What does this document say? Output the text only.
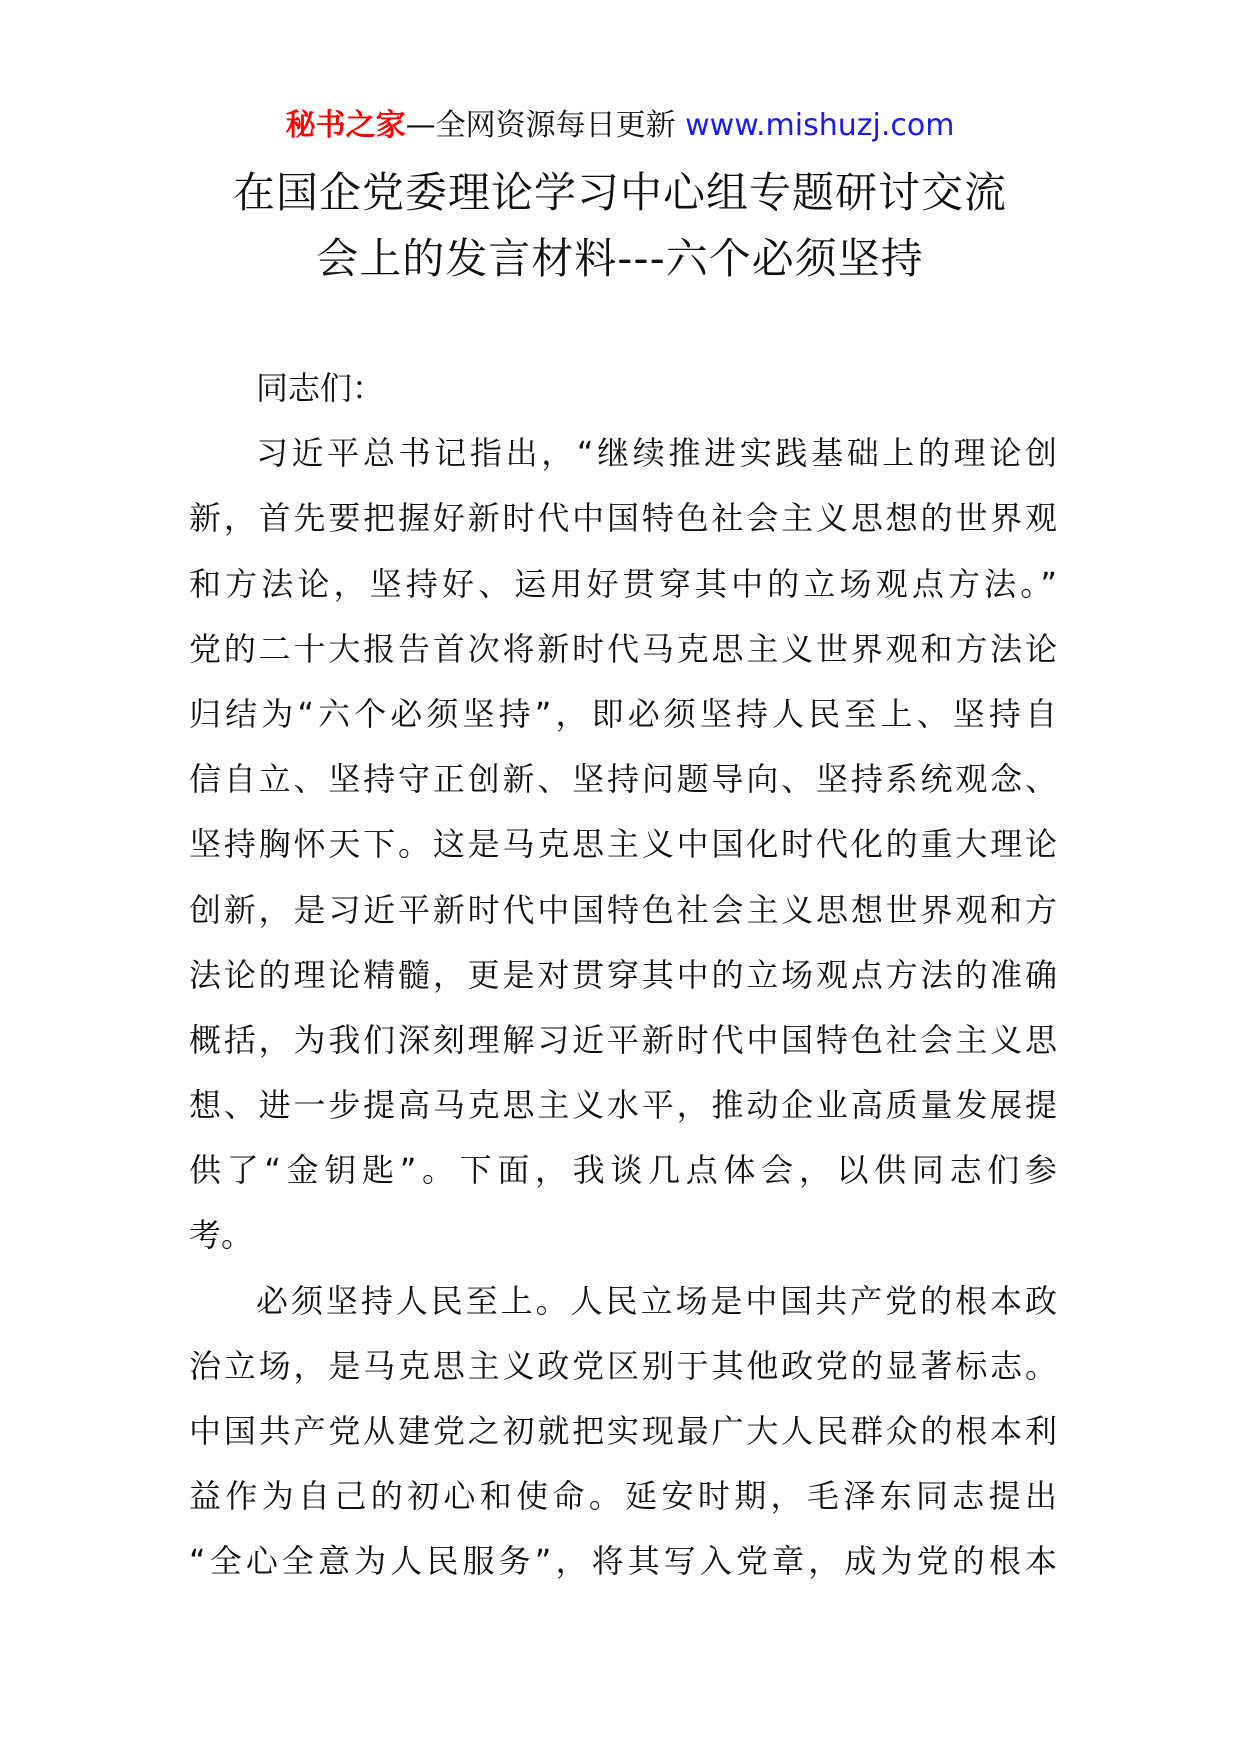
秘书之家—全网资源每日更新 www.mishuzj.com
在国企党委理论学习中心组专题研讨交流
会上的发言材料---六个必须坚持
同志们：
习近平总书记指出，“继续推进实践基础上的理论创
新，首先要把握好新时代中国特色社会主义思想的世界观
和方法论，坚持好、运用好贯穿其中的立场观点方法。”
党的二十大报告首次将新时代马克思主义世界观和方法论
归结为“六个必须坚持”，即必须坚持人民至上、坚持自
信自立、坚持守正创新、坚持问题导向、坚持系统观念、
坚持胸怀天下。这是马克思主义中国化时代化的重大理论
创新，是习近平新时代中国特色社会主义思想世界观和方
法论的理论精髓，更是对贯穿其中的立场观点方法的准确
概括，为我们深刻理解习近平新时代中国特色社会主义思
想、进一步提高马克思主义水平，推动企业高质量发展提
供了“金钥匙”。下面，我谈几点体会，以供同志们参
考。
必须坚持人民至上。人民立场是中国共产党的根本政
治立场，是马克思主义政党区别于其他政党的显著标志。
中国共产党从建党之初就把实现最广大人民群众的根本利
益作为自己的初心和使命。延安时期，毛泽东同志提出
“全心全意为人民服务”，将其写入党章，成为党的根本
